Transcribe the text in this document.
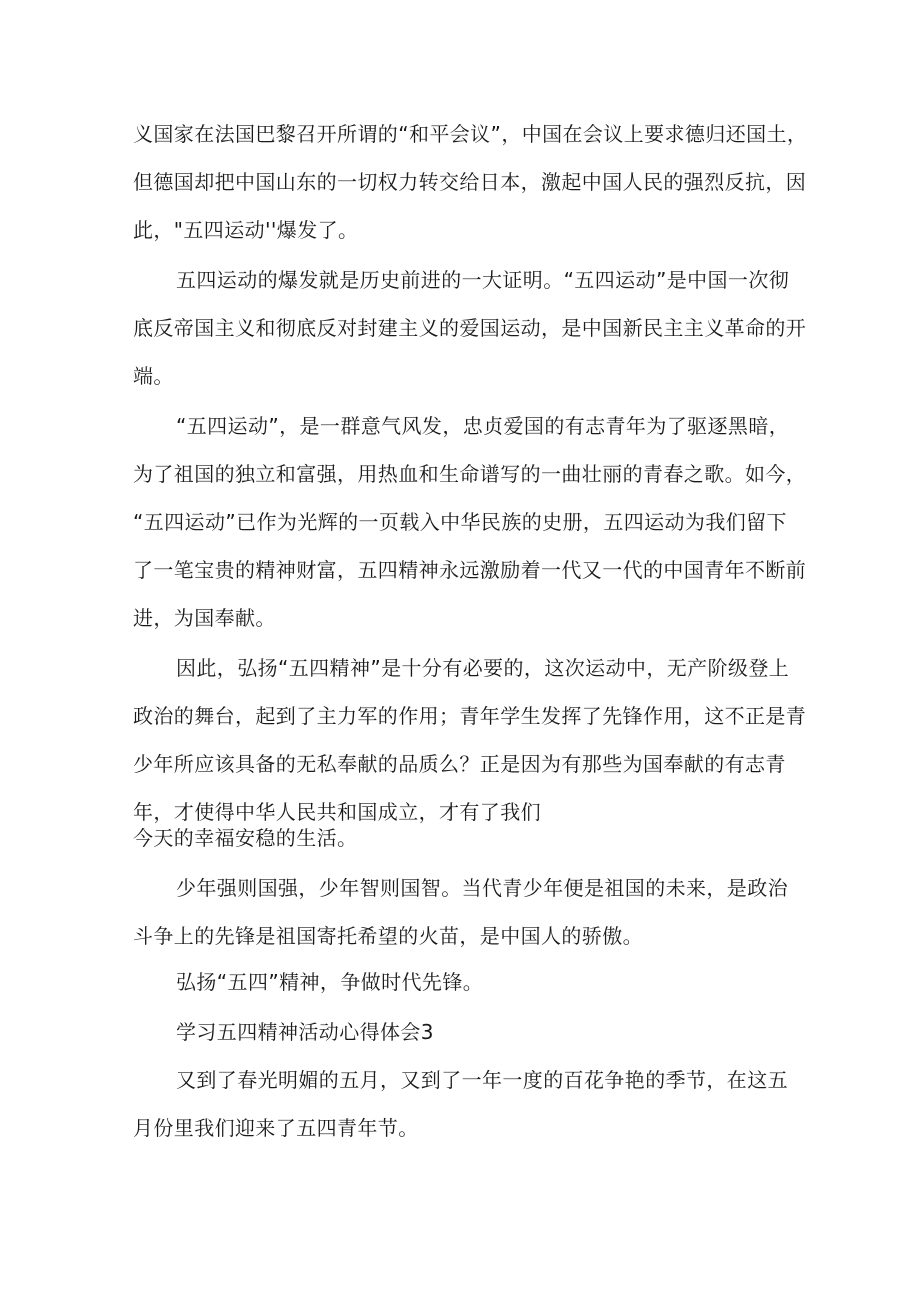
义国家在法国巴黎召开所谓的“和平会议”，中国在会议上要求德归还国土，

但德国却把中国山东的一切权力转交给日本，激起中国人民的强烈反抗，因

此，"五四运动''爆发了。

五四运动的爆发就是历史前进的一大证明。“五四运动”是中国一次彻

底反帝国主义和彻底反对封建主义的爱国运动，是中国新民主主义革命的开

端。

“五四运动”，是一群意气风发，忠贞爱国的有志青年为了驱逐黑暗，

为了祖国的独立和富强，用热血和生命谱写的一曲壮丽的青春之歌。如今，

“五四运动”已作为光辉的一页载入中华民族的史册，五四运动为我们留下

了一笔宝贵的精神财富，五四精神永远激励着一代又一代的中国青年不断前

进，为国奉献。

因此，弘扬“五四精神”是十分有必要的，这次运动中，无产阶级登上

政治的舞台，起到了主力军的作用；青年学生发挥了先锋作用，这不正是青

少年所应该具备的无私奉献的品质么？正是因为有那些为国奉献的有志青

年，才使得中华人民共和国成立，才有了我们

今天的幸福安稳的生活。

少年强则国强，少年智则国智。当代青少年便是祖国的未来，是政治

斗争上的先锋是祖国寄托希望的火苗，是中国人的骄傲。

弘扬“五四”精神，争做时代先锋。

学习五四精神活动心得体会3

又到了春光明媚的五月，又到了一年一度的百花争艳的季节，在这五

月份里我们迎来了五四青年节。
